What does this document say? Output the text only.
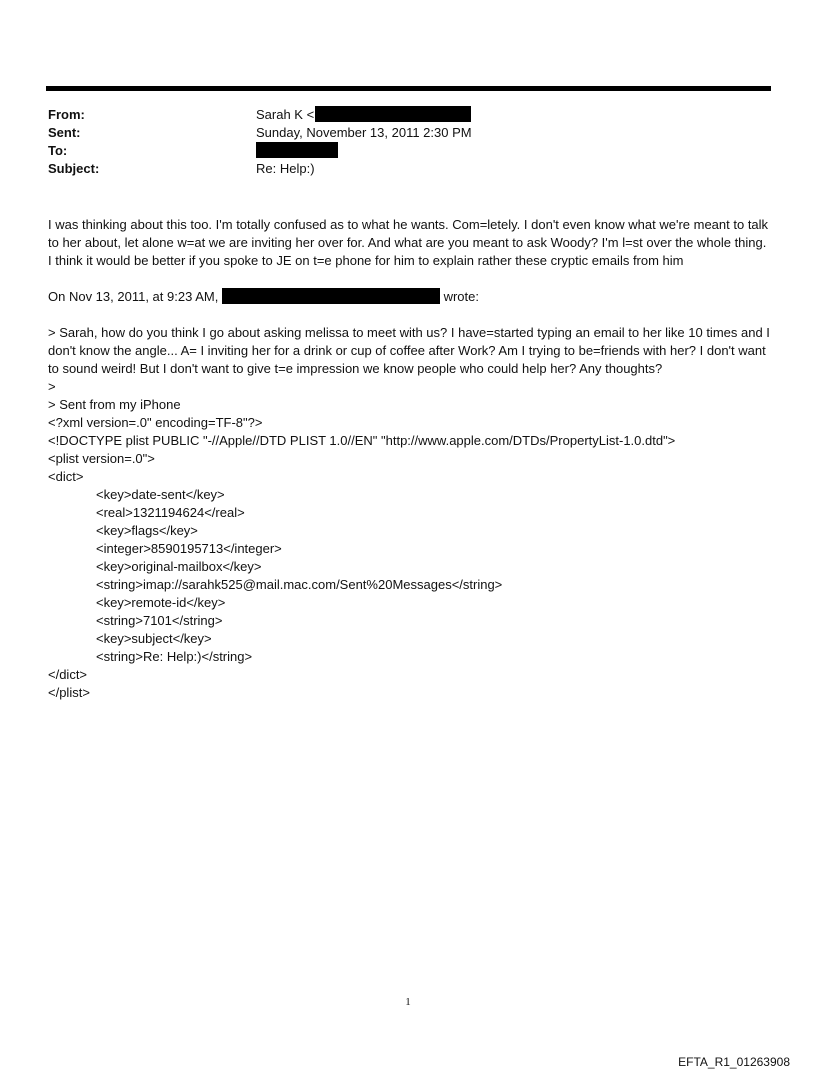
From:	Sarah K <
Sent:	Sunday, November 13, 2011 2:30 PM
To:
Subject:	Re: Help:)

I was thinking about this too. I'm totally confused as to what he wants. Com=letely. I don't even know what we're meant to talk to her about, let alone w=at we are inviting her over for. And what are you meant to ask Woody? I'm l=st over the whole thing. I think it would be better if you spoke to JE on t=e phone for him to explain rather these cryptic emails from him

On Nov 13, 2011, at 9:23 AM,	wrote:

> Sarah, how do you think I go about asking melissa to meet with us? I have=started typing an email to her like 10 times and I don't know the angle... A= I inviting her for a drink or cup of coffee after Work? Am I trying to be=friends with her? I don't want to sound weird! But I don't want to give t=e impression we know people who could help her? Any thoughts?

>

> Sent from my iPhone

<?xml version=.0" encoding=TF-8"?>

<!DOCTYPE plist PUBLIC "-//Apple//DTD PLIST 1.0//EN" "http://www.apple.com/DTDs/PropertyList-1.0.dtd">

<plist version=.0">

<dict>

<key>date-sent</key>

<real>1321194624</real>

<key>flags</key>

<integer>8590195713</integer>

<key>original-mailbox</key>

<string>imap://sarahk525@mail.mac.com/Sent%20Messages</string>

<key>remote-id</key>

<string>7101</string>

<key>subject</key>

<string>Re: Help:)</string>

</dict>

</plist>

1
EFTA_R1_01263908
